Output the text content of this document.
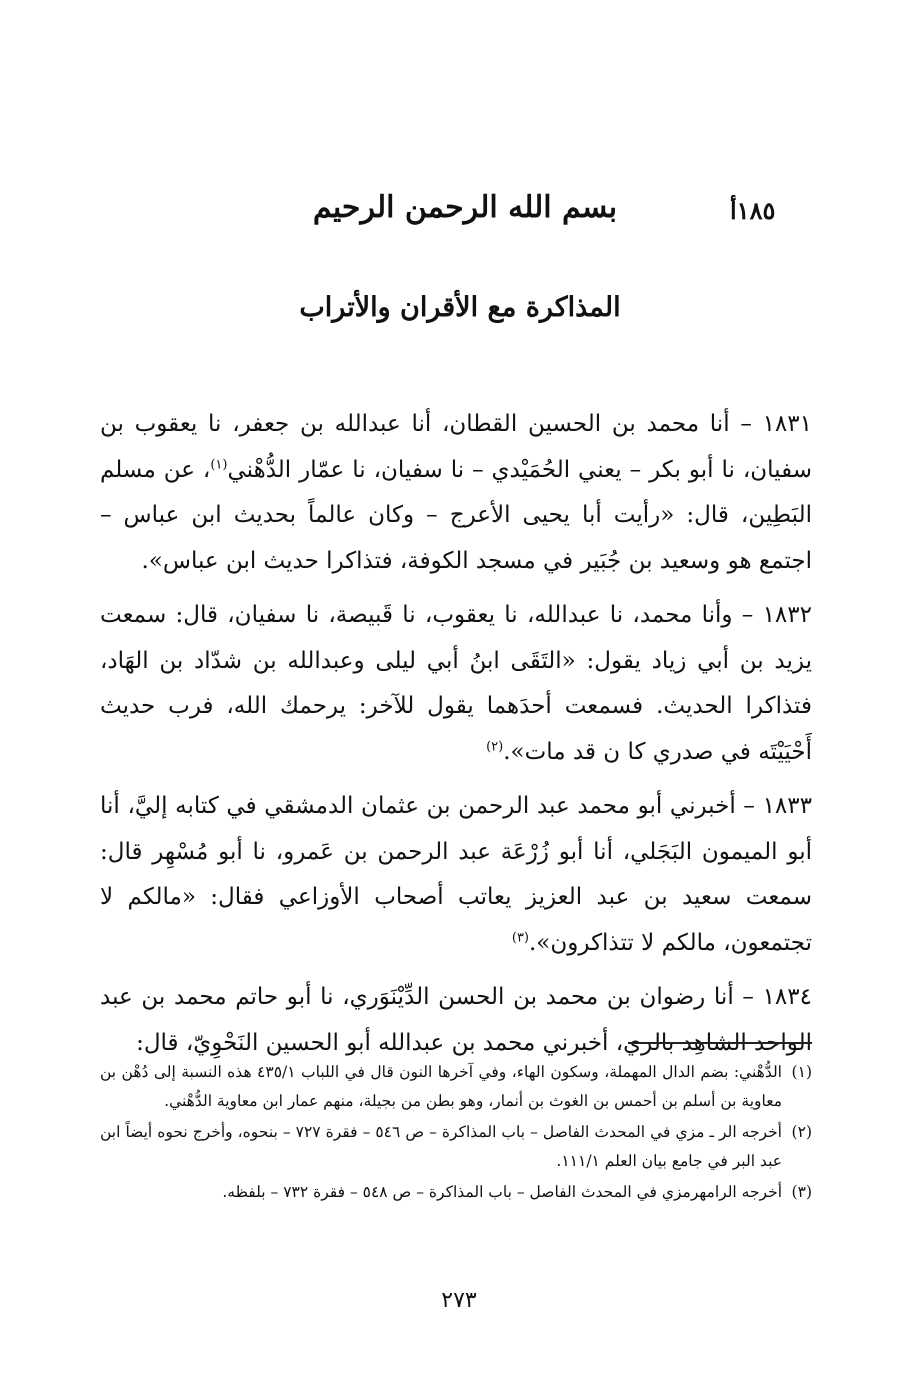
١٨٥أ
بسم الله الرحمن الرحيم
المذاكرة مع الأقران والأتراب

١٨٣١ – أنا محمد بن الحسين القطان، أنا عبدالله بن جعفر، نا يعقوب بن سفيان، نا أبو بكر – يعني الحُمَيْدي – نا سفيان، نا عمّار الدُّهْني$^{(١)}$، عن مسلم البَطِين، قال: «رأيت أبا يحيى الأعرج – وكان عالماً بحديث ابن عباس – اجتمع هو وسعيد بن جُبَير في مسجد الكوفة، فتذاكرا حديث ابن عباس».

١٨٣٢ – وأنا محمد، نا عبدالله، نا يعقوب، نا قَبيصة، نا سفيان، قال: سمعت يزيد بن أبي زياد يقول: «التَقَى ابنُ أبي ليلى وعبدالله بن شدّاد بن الهَاد، فتذاكرا الحديث. فسمعت أحدَهما يقول للآخر: يرحمك الله، فرب حديث أَحْيَيْتَه في صدري كا ن قد مات».$^{(٢)}$

١٨٣٣ – أخبرني أبو محمد عبد الرحمن بن عثمان الدمشقي في كتابه إليَّ، أنا أبو الميمون البَجَلي، أنا أبو زُرْعَة عبد الرحمن بن عَمرو، نا أبو مُسْهِر قال: سمعت سعيد بن عبد العزيز يعاتب أصحاب الأوزاعي فقال: «مالكم لا تجتمعون، مالكم لا تتذاكرون».$^{(٣)}$

١٨٣٤ – أنا رضوان بن محمد بن الحسن الدِّيْنَوَري، نا أبو حاتم محمد بن عبد الواحد الشاهِد بالري، أخبرني محمد بن عبدالله أبو الحسين النَحْوِيّ، قال:

(١)
الدُّهْني: بضم الدال المهملة، وسكون الهاء، وفي آخرها النون قال في اللباب ٤٣٥/١ هذه النسبة إلى دُهْن بن معاوية بن أسلم بن أحمس بن الغوث بن أنمار، وهو بطن من بجيلة، منهم عمار ابن معاوية الدُّهْني.
(٢)
أخرجه الر ـ مزي في المحدث الفاصل – باب المذاكرة – ص ٥٤٦ – فقرة ٧٢٧ – بنحوه، وأخرج نحوه أيضاً ابن عبد البر في جامع بيان العلم ١١١/١.
(٣)
أخرجه الرامهرمزي في المحدث الفاصل – باب المذاكرة – ص ٥٤٨ – فقرة ٧٣٢ – بلفظه.
٢٧٣
